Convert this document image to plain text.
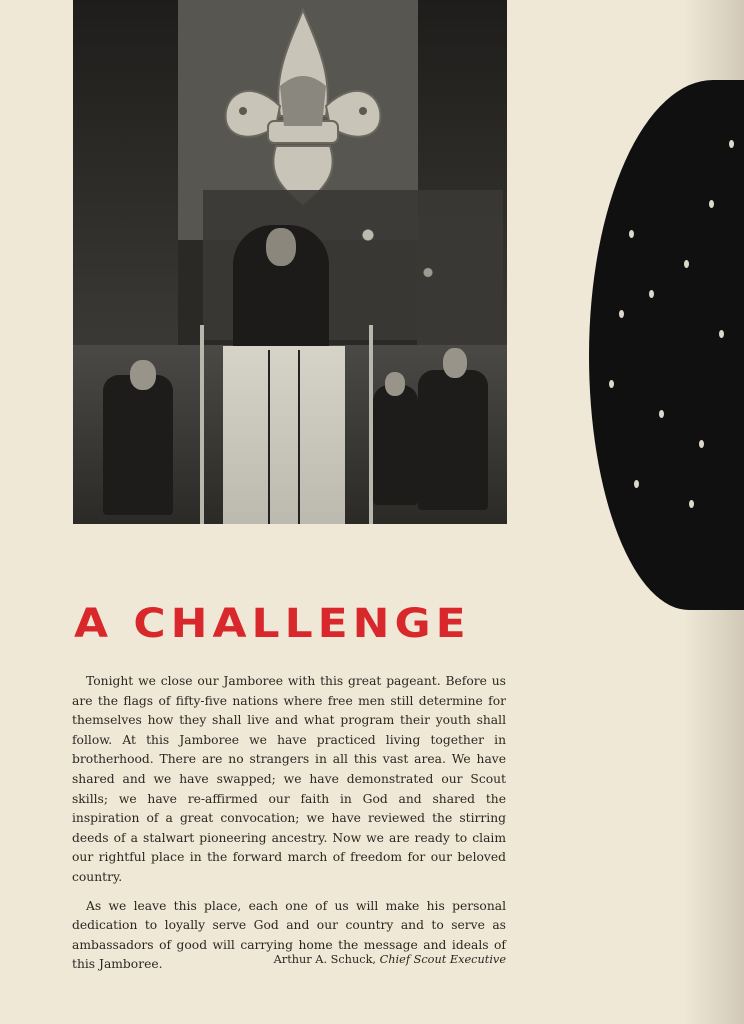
A CHALLENGE

Tonight we close our Jamboree with this great pageant. Before us are the flags of fifty-five nations where free men still determine for themselves how they shall live and what program their youth shall follow. At this Jamboree we have practiced living together in brotherhood. There are no strangers in all this vast area. We have shared and we have swapped; we have demonstrated our Scout skills; we have re-affirmed our faith in God and shared the inspiration of a great convocation; we have reviewed the stirring deeds of a stalwart pioneering ancestry. Now we are ready to claim our rightful place in the forward march of freedom for our beloved country.

As we leave this place, each one of us will make his personal dedication to loyally serve God and our country and to serve as ambassadors of good will carrying home the message and ideals of this Jamboree.	Arthur A. Schuck, Chief Scout Executive
